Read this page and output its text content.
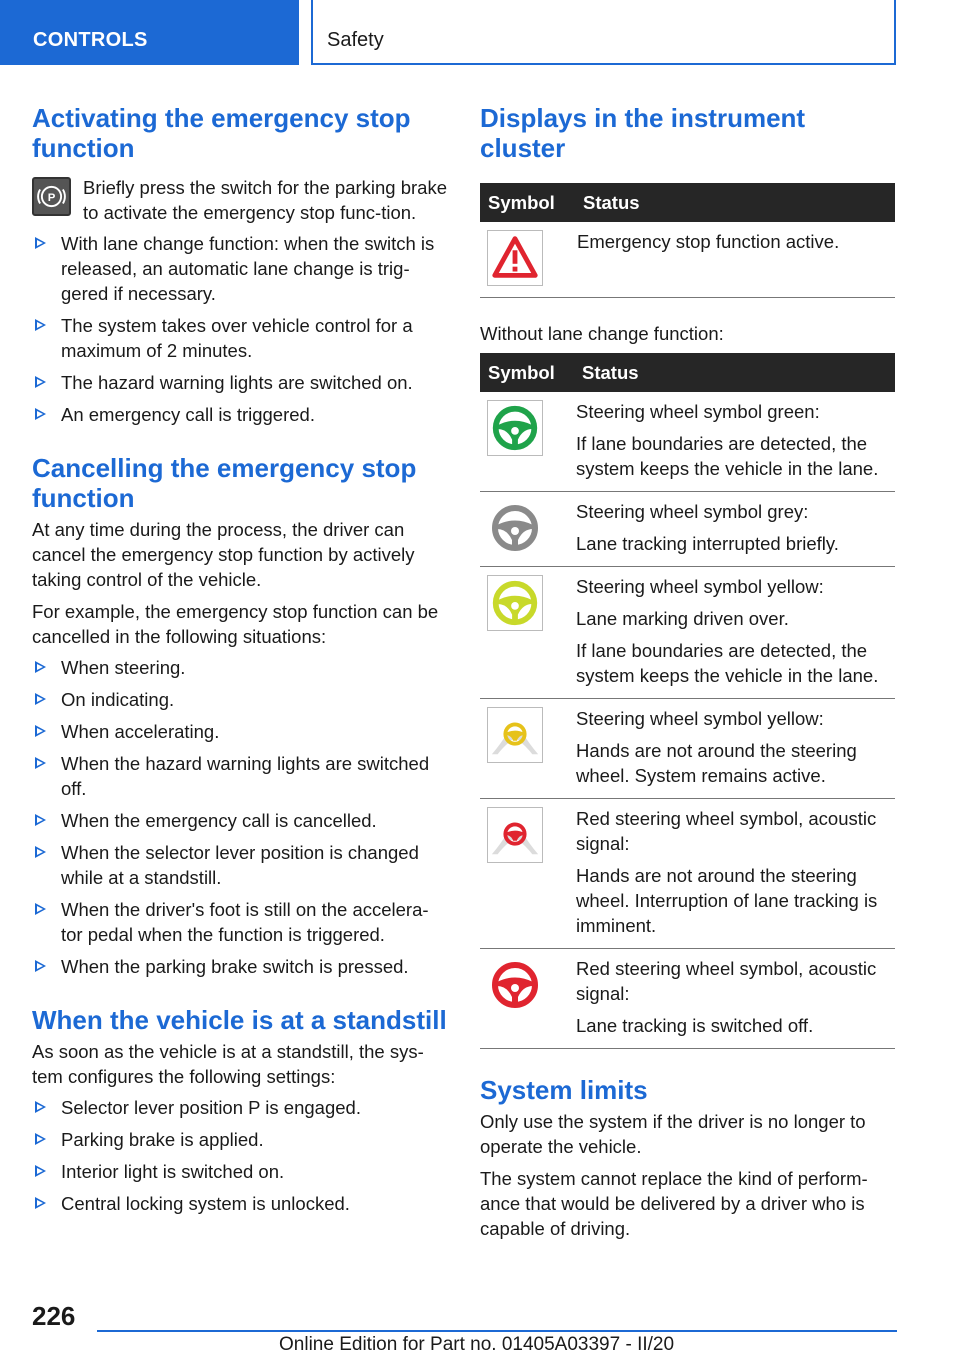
CONTROLS	Safety
Activating the emergency stop function
P	Briefly press the switch for the parking brake to activate the emergency stop func-tion.

With lane change function: when the switch is released, an automatic lane change is trig-gered if necessary.
The system takes over vehicle control for a maximum of 2 minutes.
The hazard warning lights are switched on.
An emergency call is triggered.
Cancelling the emergency stop function

At any time during the process, the driver can cancel the emergency stop function by actively taking control of the vehicle.

For example, the emergency stop function can be cancelled in the following situations:

When steering.
On indicating.
When accelerating.
When the hazard warning lights are switched off.
When the emergency call is cancelled.
When the selector lever position is changed while at a standstill.
When the driver's foot is still on the accelera-tor pedal when the function is triggered.
When the parking brake switch is pressed.
When the vehicle is at a standstill

As soon as the vehicle is at a standstill, the sys-tem configures the following settings:

Selector lever position P is engaged.
Parking brake is applied.
Interior light is switched on.
Central locking system is unlocked.
Displays in the instrument cluster
Symbol	Status

Emergency stop function active.

Without lane change function:

Symbol	Status

Steering wheel symbol green:

If lane boundaries are detected, the system keeps the vehicle in the lane.

Steering wheel symbol grey:

Lane tracking interrupted briefly.

Steering wheel symbol yellow:

Lane marking driven over.

If lane boundaries are detected, the system keeps the vehicle in the lane.

Steering wheel symbol yellow:

Hands are not around the steering wheel. System remains active.

Red steering wheel symbol, acoustic signal:

Hands are not around the steering wheel. Interruption of lane tracking is imminent.

Red steering wheel symbol, acoustic signal:

Lane tracking is switched off.

System limits

Only use the system if the driver is no longer to operate the vehicle.

The system cannot replace the kind of perform-ance that would be delivered by a driver who is capable of driving.

226
Online Edition for Part no. 01405A03397 - II/20
